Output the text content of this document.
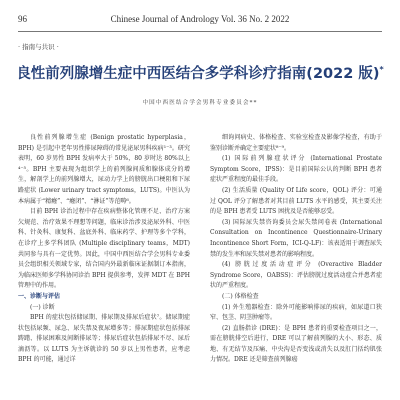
96	Chinese Journal of Andrology Vol. 36 No. 2 2022
· 指南与共识 ·
良性前列腺增生症中西医结合多学科诊疗指南(2022 版)*
中国中西医结合学会男科专业委员会**

良性前列腺增生症 (Benign prostatic hyperplasia，BPH) 是引起中老年男性排尿障碍的常见泌尿男科疾病¹⁻³。研究表明，60 岁男性 BPH 发病率大于 50%，80 岁时达 80%以上⁴⁻⁵。BPH 主要表现为组织学上的前列腺间质和腺体成分的增生，解剖学上的前列腺增大，尿动力学上的膀胱出口梗阻和下尿路症状 (Lower urinary tract symptoms，LUTS)。中医认为本病属于“精癃”、“癃闭”、“淋证”等范畴⁶。

目前 BPH 诊治过程中存在疾病整体化管理不足、治疗方案欠规范、治疗效果不理想等问题，临床诊治涉及泌尿外科、中医科、针灸科、康复科、盆底外科、临床药学、护理等多个学科，在诊疗上多学科团队 (Multiple disciplinary teams，MDT) 共同参与具有一定优势。因此，中国中西医结合学会男科专业委员会组织相关领域专家，结合国内外最新临床证据制订本指南，为临床医师多学科协同诊治 BPH 提供参考，发挥 MDT 在 BPH 管理中的作用。

一、诊断与评估
(一) 诊断

BPH 的症状包括储尿期、排尿期及排尿后症状⁷。储尿期症状包括尿频、尿急、尿失禁及夜尿增多等；排尿期症状包括排尿踌躇、排尿困难及间断排尿等；排尿后症状包括排尿不尽、尿后滴沥等。以 LUTS 为主诉就诊的 50 岁以上男性患者，应考虑 BPH 的可能，通过详

细询问病史、体格检查、实验室检查及影像学检查，有助于鉴别诊断并确定主要症状⁸⁻⁹。

(1) 国际前列腺症状评分 (International Prostate Symptom Score，IPSS)：是目前国际公认的判断 BPH 患者症状严重程度的最佳手段。

(2) 生活质量 (Quality Of Life score，QOL) 评分：可通过 QOL 评分了解患者对其目前 LUTS 水平的感受，其主要关注的是 BPH 患者受 LUTS 困扰及是否能够忍受。

(3) 国际尿失禁咨询委员会尿失禁问卷表 (International Consultation on Incontinence Questionnaire-Urinary Incontinence Short Form，ICI-Q-LF)：该表适用于调查尿失禁的发生率和尿失禁对患者的影响程度。

(4) 膀胱过度活动症评分 (Overactive Bladder Syndrome Score，OABSS)：评估膀胱过度活动症合并患者症状的严重程度。

(二) 体格检查

(1) 外生殖器检查：除外可能影响排尿的疾病，如尿道口狭窄、包茎、阴茎肿瘤等。

(2) 直肠指诊 (DRE)：是 BPH 患者的重要检查项目之一，需在膀胱排空后进行，DRE 可以了解前列腺的大小、形态、质地、有无结节及压痛、中央沟是否变浅或消失以及肛门括约肌张力情况。DRE 还是筛查前列腺癌
